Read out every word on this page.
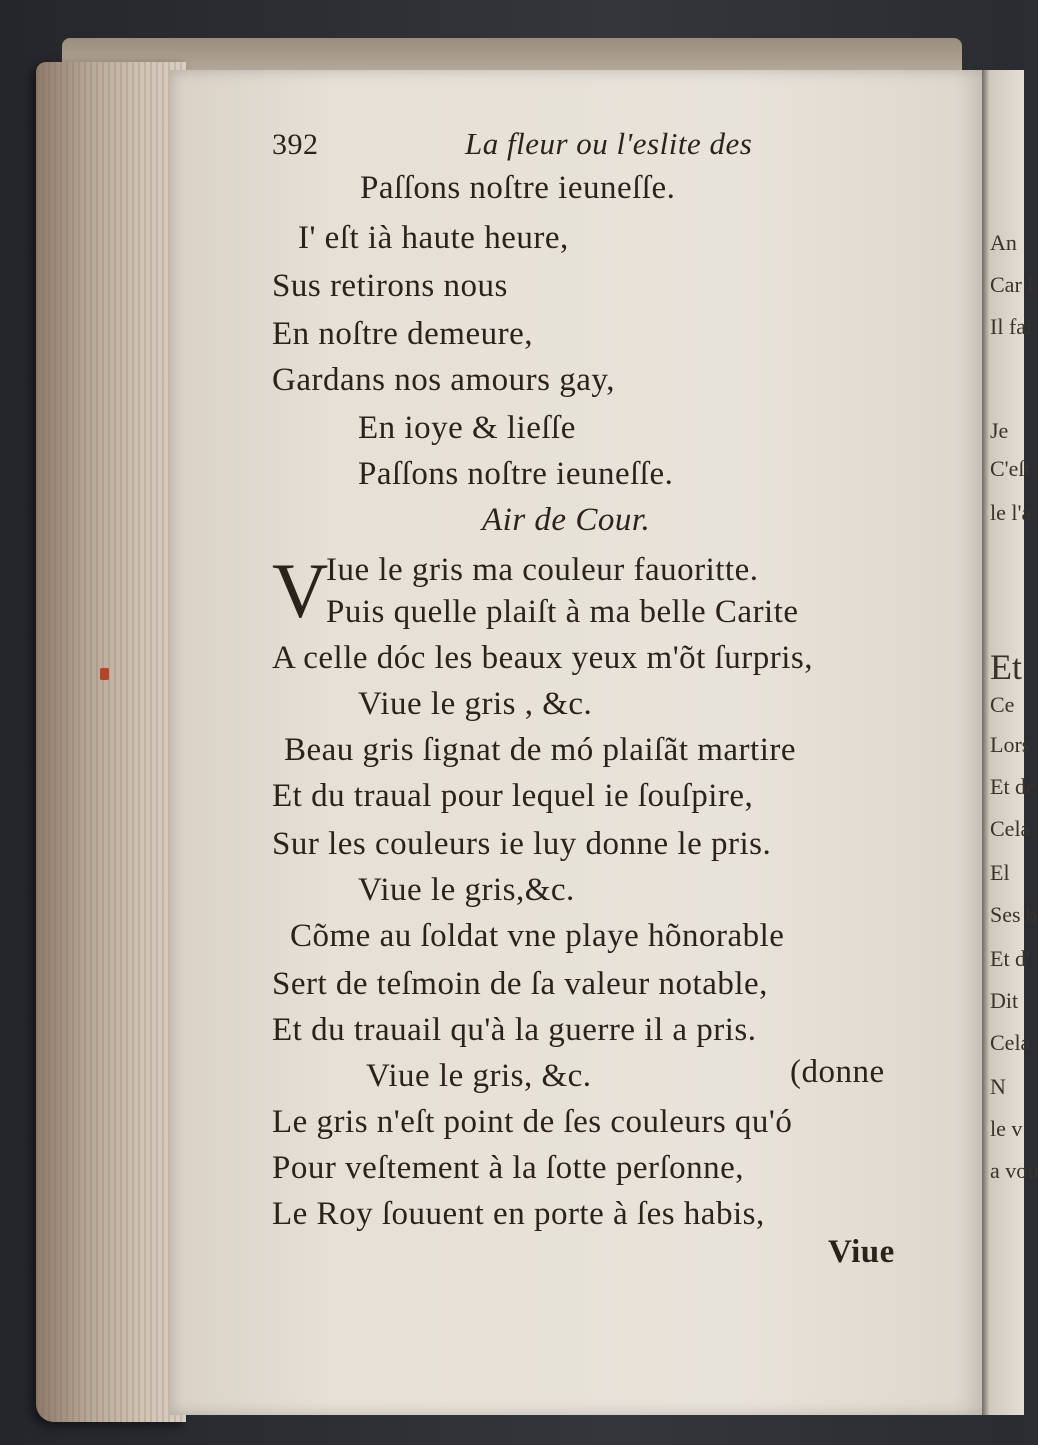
An
Car l
Il fai
Je
C'eſt
le l'a
Et
Ce
Lors
Et de
Cela
El
Ses b
Et d'
Dit
Cela
N
le v
a vou
392	La fleur ou l'eslite des
Paſſons noſtre ieuneſſe.
I' eſt ià haute heure,
Sus retirons nous
En noſtre demeure,
Gardans nos amours gay,
En ioye & lieſſe
Paſſons noſtre ieuneſſe.
Air de Cour.
V
Iue le gris ma couleur fauoritte.
Puis quelle plaiſt à ma belle Carite
A celle dóc les beaux yeux m'õt ſurpris,
Viue le gris , &c.
Beau gris ſignat de mó plaiſãt martire
Et du traual pour lequel ie ſouſpire,
Sur les couleurs ie luy donne le pris.
Viue le gris,&c.
Cõme au ſoldat vne playe hõnorable
Sert de teſmoin de ſa valeur notable,
Et du trauail qu'à la guerre il a pris.
Viue le gris, &c.	(donne
Le gris n'eſt point de ſes couleurs qu'ó
Pour veſtement à la ſotte perſonne,
Le Roy ſouuent en porte à ſes habis,
Viue
